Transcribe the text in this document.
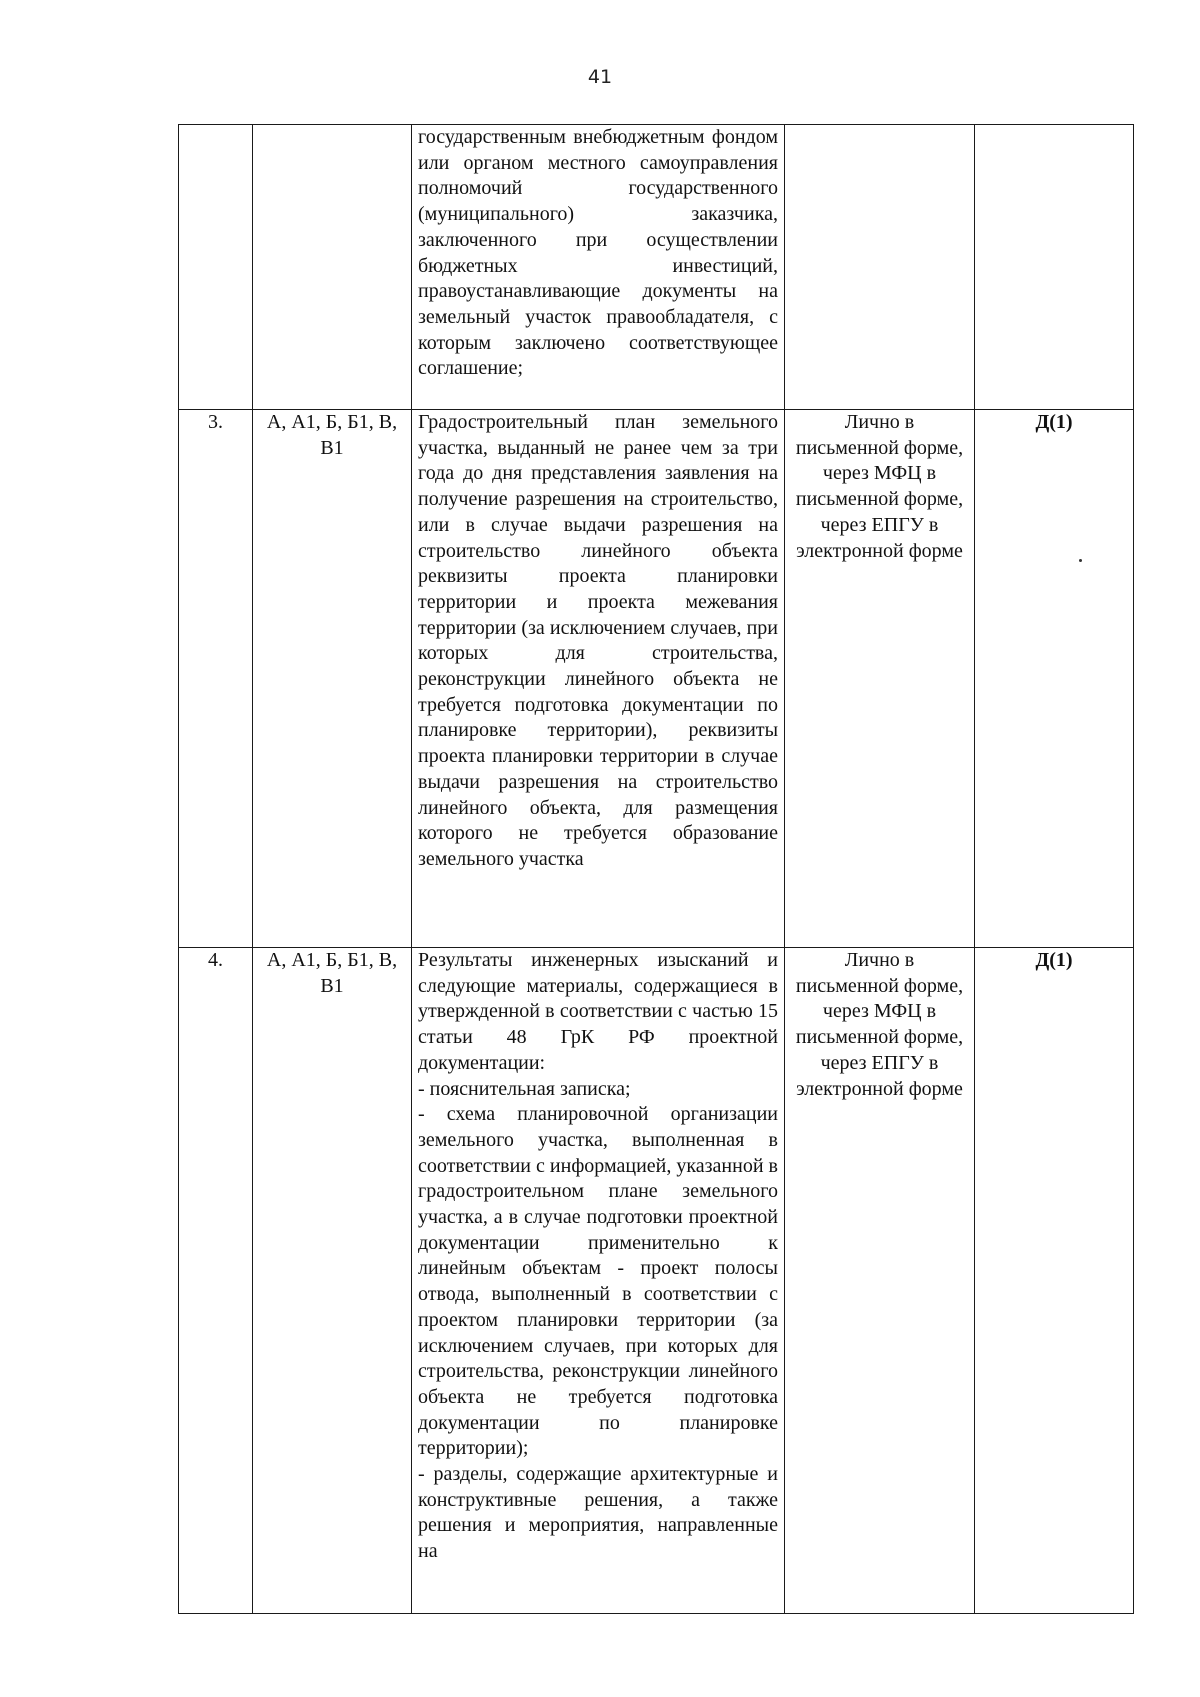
41
		государственным внебюджетным фондом или органом местного самоуправления полномочий государственного (муниципального) заказчика, заключенного при осуществлении бюджетных инвестиций, правоустанавливающие документы на земельный участок правообладателя, с которым заключено соответствующее соглашение;		
3.	А, А1, Б, Б1, В, В1	Градостроительный план земельного участка, выданный не ранее чем за три года до дня представления заявления на получение разрешения на строительство, или в случае выдачи разрешения на строительство линейного объекта реквизиты проекта планировки территории и проекта межевания территории (за исключением случаев, при которых для строительства, реконструкции линейного объекта не требуется подготовка документации по планировке территории), реквизиты проекта планировки территории в случае выдачи разрешения на строительство линейного объекта, для размещения которого не требуется образование земельного участка	Лично в письменной форме, через МФЦ в письменной форме, через ЕПГУ в электронной форме	Д(1)
4.	А, А1, Б, Б1, В, В1	Результаты инженерных изысканий и следующие материалы, содержащиеся в утвержденной в соответствии с частью 15 статьи 48 ГрК РФ проектной документации:
- пояснительная записка;
- схема планировочной организации земельного участка, выполненная в соответствии с информацией, указанной в градостроительном плане земельного участка, а в случае подготовки проектной документации применительно к линейным объектам - проект полосы отвода, выполненный в соответствии с проектом планировки территории (за исключением случаев, при которых для строительства, реконструкции линейного объекта не требуется подготовка документации по планировке территории);
- разделы, содержащие архитектурные и конструктивные решения, а также решения и мероприятия, направленные на	Лично в письменной форме, через МФЦ в письменной форме, через ЕПГУ в электронной форме	Д(1)
